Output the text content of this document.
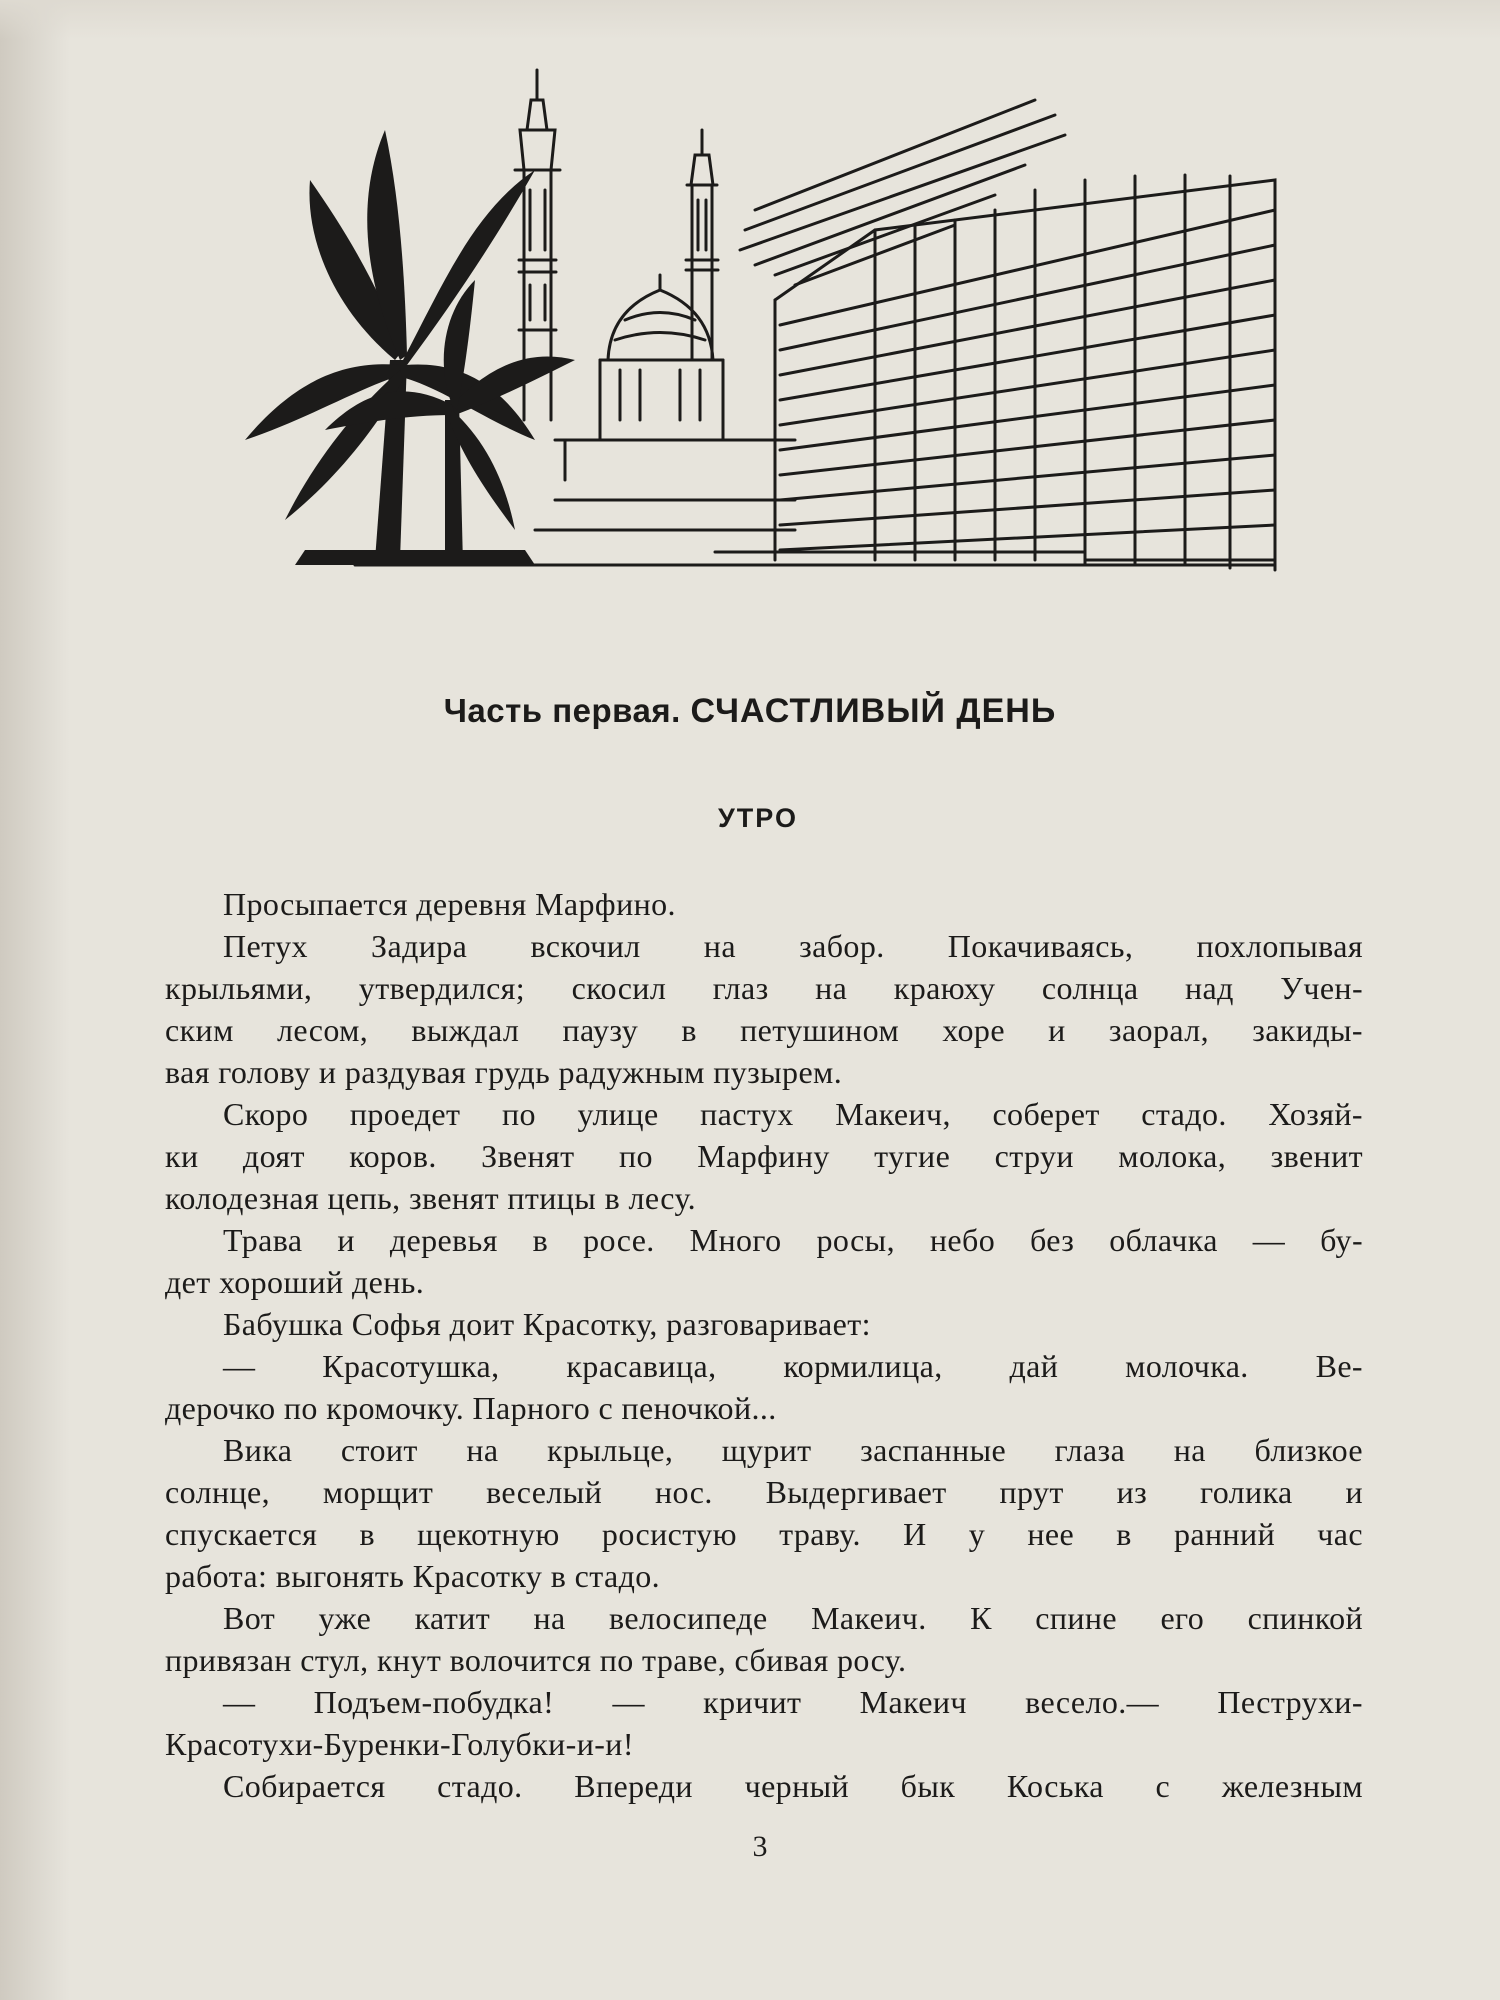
Часть первая. СЧАСТЛИВЫЙ ДЕНЬ
УТРО
Просыпается деревня Марфино.
Петух Задира вскочил на забор. Покачиваясь, похлопывая
крыльями, утвердился; скосил глаз на краюху солнца над Учен-
ским лесом, выждал паузу в петушином хоре и заорал, закиды-
вая голову и раздувая грудь радужным пузырем.
Скоро проедет по улице пастух Макеич, соберет стадо. Хозяй-
ки доят коров. Звенят по Марфину тугие струи молока, звенит
колодезная цепь, звенят птицы в лесу.
Трава и деревья в росе. Много росы, небо без облачка — бу-
дет хороший день.
Бабушка Софья доит Красотку, разговаривает:
— Красотушка, красавица, кормилица, дай молочка. Ве-
дерочко по кромочку. Парного с пеночкой...
Вика стоит на крыльце, щурит заспанные глаза на близкое
солнце, морщит веселый нос. Выдергивает прут из голика и
спускается в щекотную росистую траву. И у нее в ранний час
работа: выгонять Красотку в стадо.
Вот уже катит на велосипеде Макеич. К спине его спинкой
привязан стул, кнут волочится по траве, сбивая росу.
— Подъем-побудка! — кричит Макеич весело.— Пеструхи-
Красотухи-Буренки-Голубки-и-и!
Собирается стадо. Впереди черный бык Коська с железным
3
